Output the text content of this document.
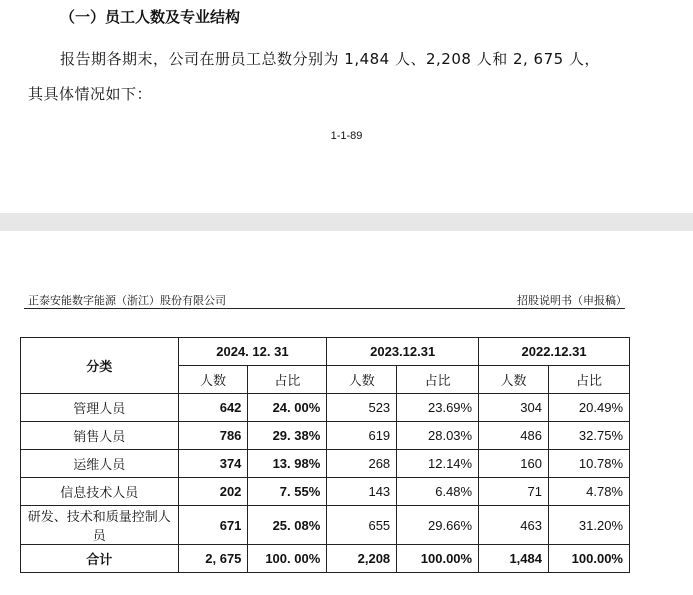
（一）员工人数及专业结构
报告期各期末，公司在册员工总数分别为 1,484 人、2,208 人和 2, 675 人，
其具体情况如下：
1-1-89
正泰安能数字能源（浙江）股份有限公司	招股说明书（申报稿）
分类	2024. 12. 31		2023.12.31		2022.12.31	
	人数	占比	人数	占比	人数	占比
管理人员	642	24. 00%	523	23.69%	304	20.49%
销售人员	786	29. 38%	619	28.03%	486	32.75%
运维人员	374	13. 98%	268	12.14%	160	10.78%
信息技术人员	202	7. 55%	143	6.48%	71	4.78%
研发、技术和质量控制人员	671	25. 08%	655	29.66%	463	31.20%
合计	2, 675	100. 00%	2,208	100.00%	1,484	100.00%
